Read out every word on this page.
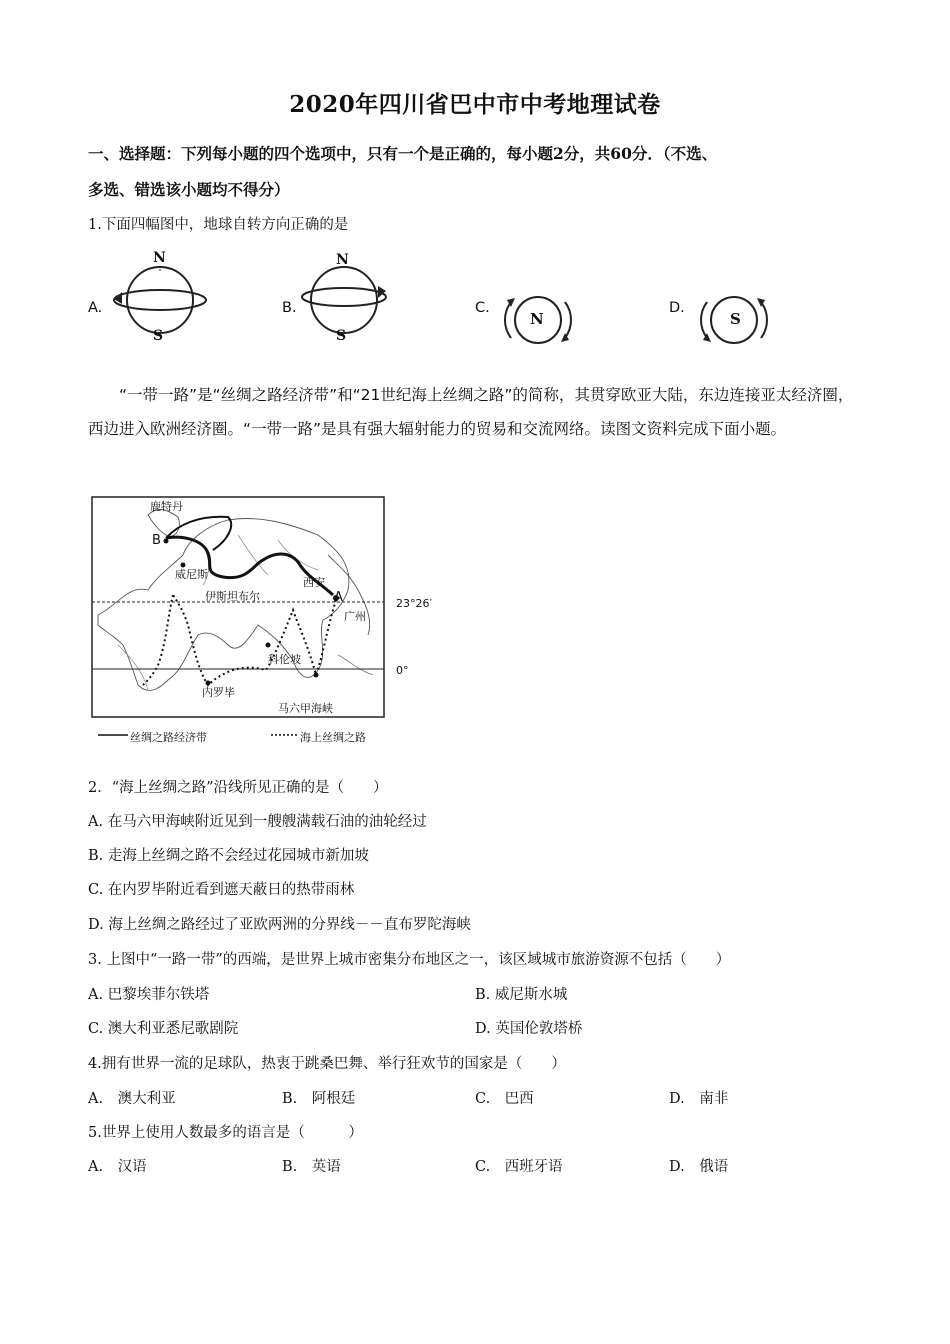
2020年四川省巴中市中考地理试卷
一、选择题：下列每小题的四个选项中，只有一个是正确的，每小题2分，共60分．（不选、
多选、错选该小题均不得分）
1.下面四幅图中，地球自转方向正确的是
A.
N
S
B.
N
S
C.
N
D.
S
“一带一路”是“丝绸之路经济带”和“21世纪海上丝绸之路”的简称，其贯穿欧亚大陆，东边连接亚太经济圈，西边进入欧洲经济圈。“一带一路”是具有强大辐射能力的贸易和交流网络。读图文资料完成下面小题。
鹿特丹
B
威尼斯
伊斯坦布尔
西安
A
广州
23°26′
0°
科伦坡
内罗毕
马六甲海峡
丝绸之路经济带	海上丝绸之路
2．“海上丝绸之路”沿线所见正确的是（　　）
A. 在马六甲海峡附近见到一艘艘满载石油的油轮经过
B. 走海上丝绸之路不会经过花园城市新加坡
C. 在内罗毕附近看到遮天蔽日的热带雨林
D. 海上丝绸之路经过了亚欧两洲的分界线－－直布罗陀海峡
3. 上图中“一路一带”的西端，是世界上城市密集分布地区之一，该区域城市旅游资源不包括（　　）
A. 巴黎埃菲尔铁塔	B. 威尼斯水城
C. 澳大利亚悉尼歌剧院	D. 英国伦敦塔桥
4.拥有世界一流的足球队，热衷于跳桑巴舞、举行狂欢节的国家是（　　）
A.　澳大利亚	B.　阿根廷	C.　巴西	D.　南非
5.世界上使用人数最多的语言是（　　　）
A.　汉语	B.　英语	C.　西班牙语	D.　俄语
